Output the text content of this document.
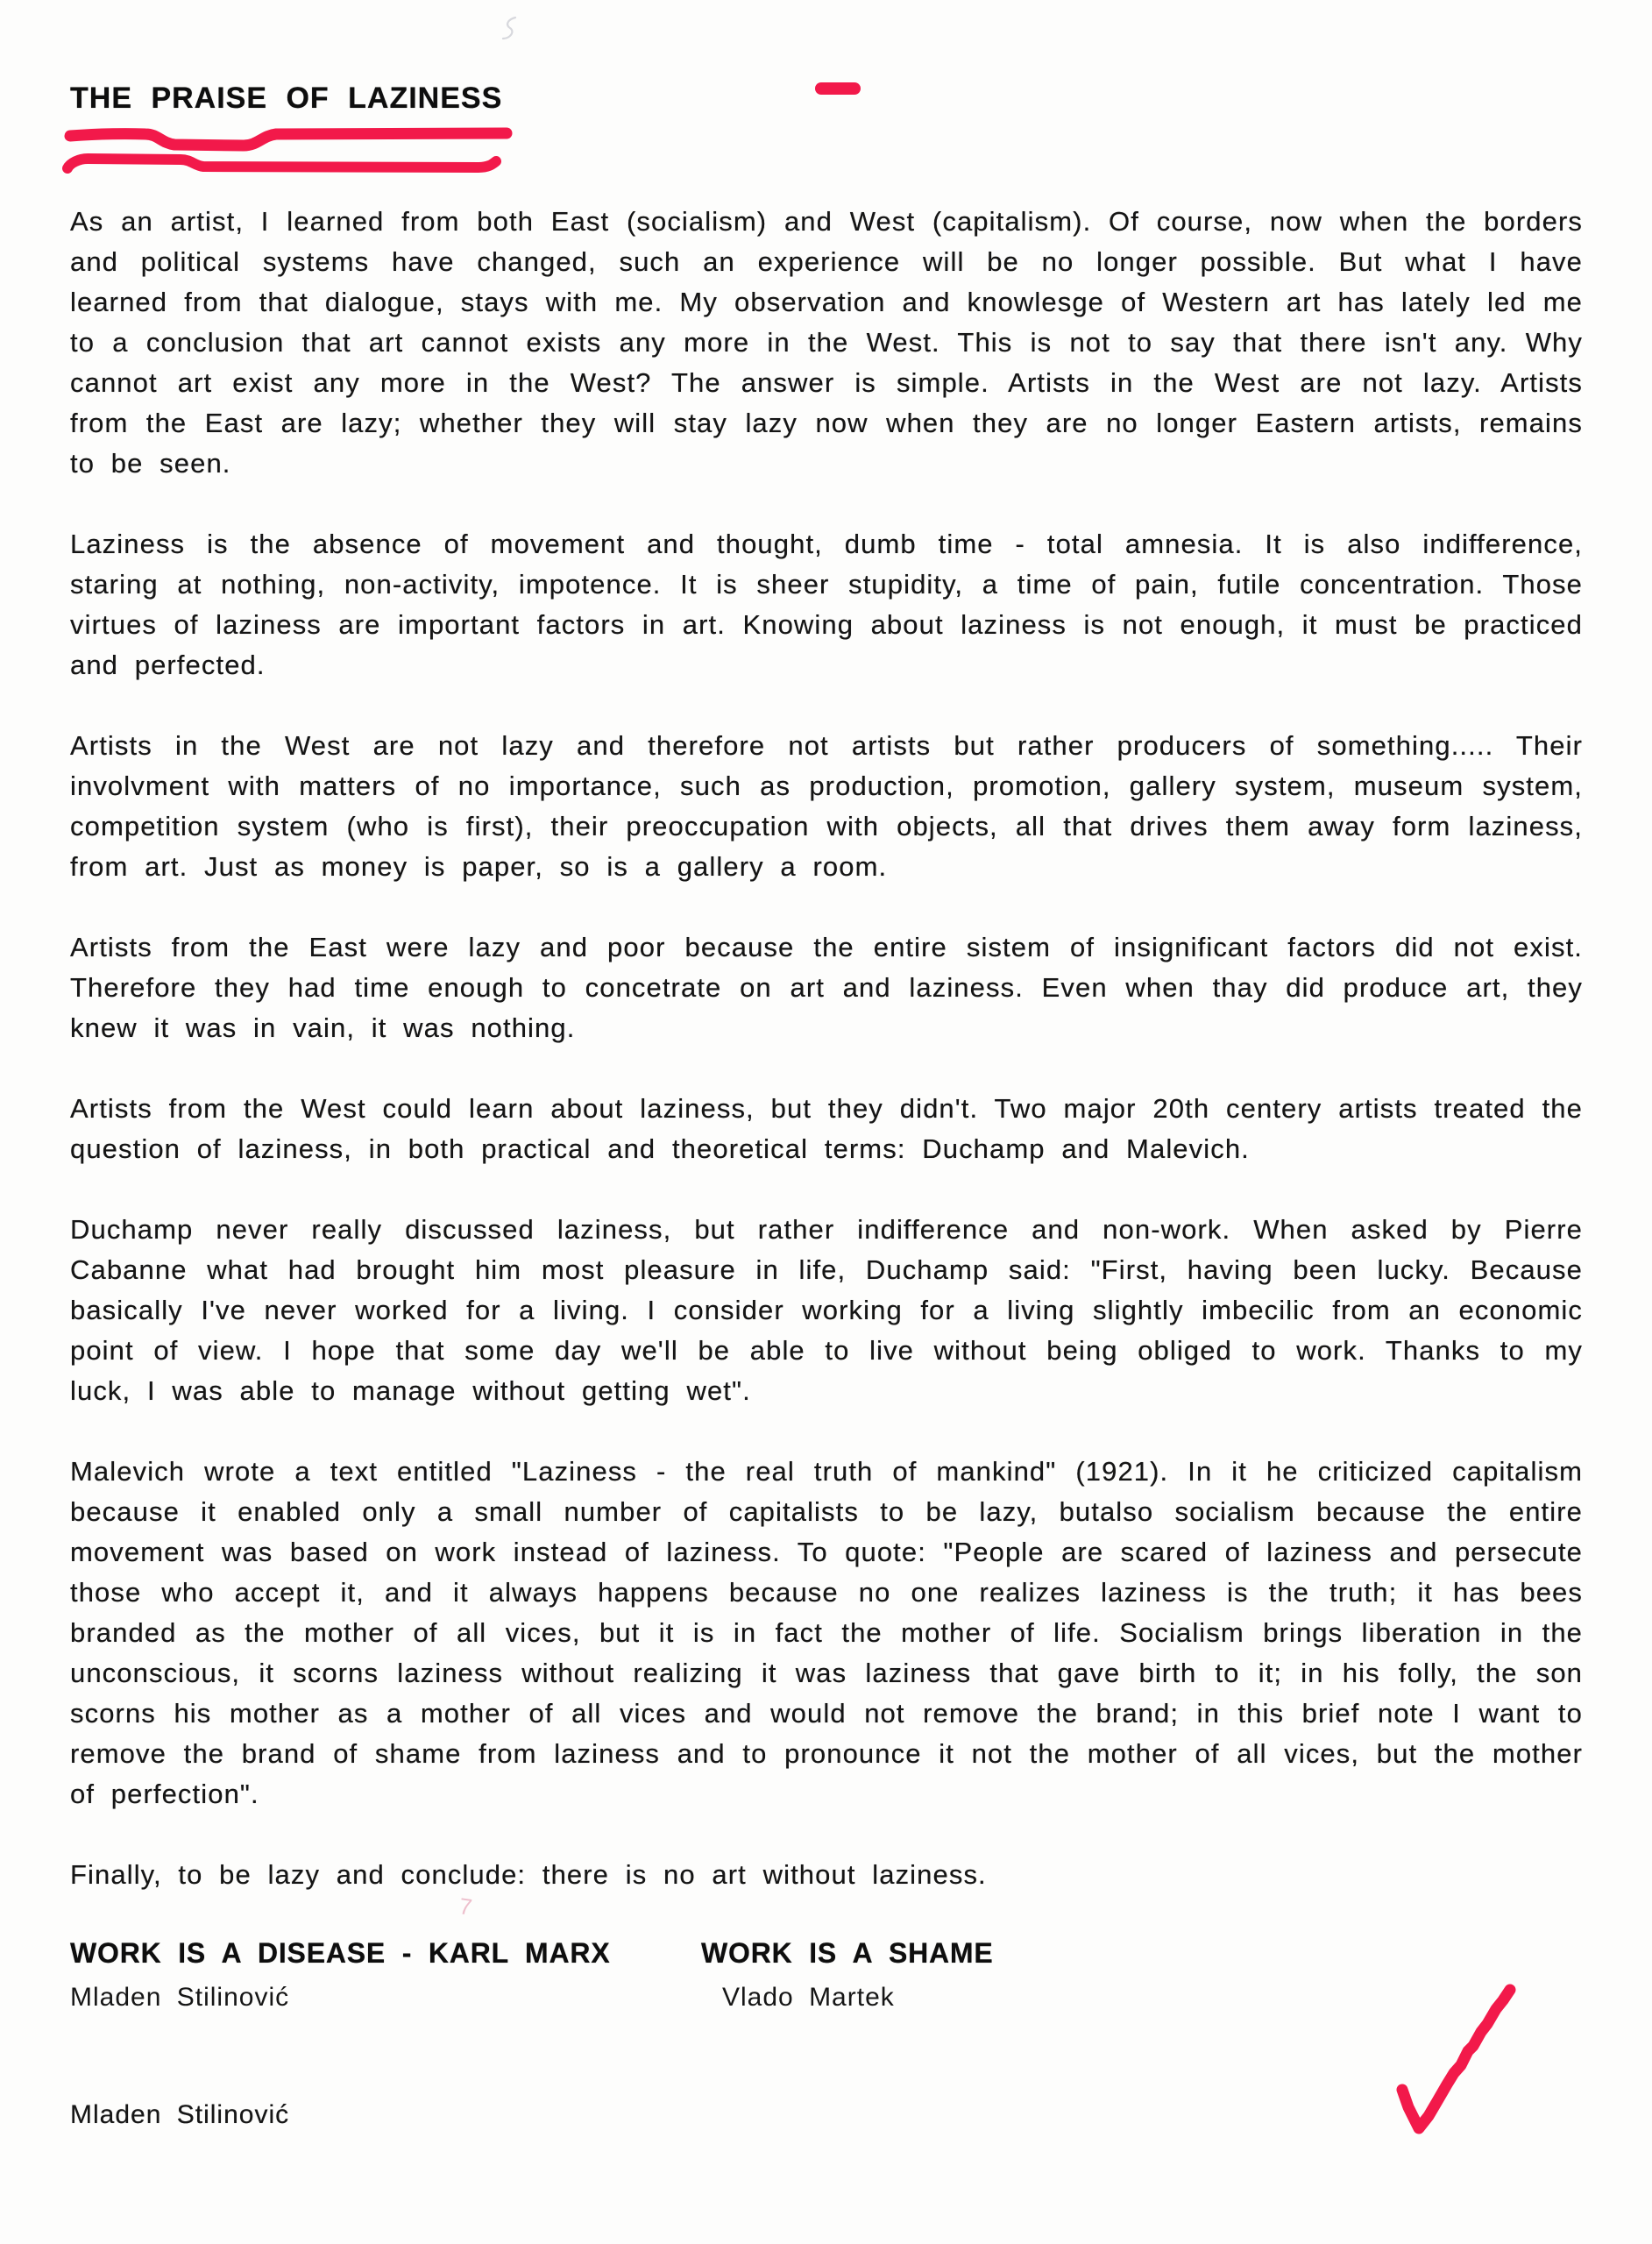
THE PRAISE OF LAZINESS

As an artist, I learned from both East (socialism) and West (capitalism). Of course, now when the borders and political systems have changed, such an experience will be no longer possible. But what I have learned from that dialogue, stays with me. My observation and knowlesge of Western art has lately led me to a conclusion that art cannot exists any more in the West. This is not to say that there isn't any. Why cannot art exist any more in the West? The answer is simple. Artists in the West are not lazy. Artists from the East are lazy; whether they will stay lazy now when they are no longer Eastern artists, remains to be seen.

Laziness is the absence of movement and thought, dumb time - total amnesia. It is also indifference, staring at nothing, non-activity, impotence. It is sheer stupidity, a time of pain, futile concentration. Those virtues of laziness are important factors in art. Knowing about laziness is not enough, it must be practiced and perfected.

Artists in the West are not lazy and therefore not artists but rather producers of something..... Their involvment with matters of no importance, such as production, promotion, gallery system, museum system, competition system (who is first), their preoccupation with objects, all that drives them away form laziness, from art. Just as money is paper, so is a gallery a room.

Artists from the East were lazy and poor because the entire sistem of insignificant factors did not exist. Therefore they had time enough to concetrate on art and laziness. Even when thay did produce art, they knew it was in vain, it was nothing.

Artists from the West could learn about laziness, but they didn't. Two major 20th centery artists treated the question of laziness, in both practical and theoretical terms: Duchamp and Malevich.

Duchamp never really discussed laziness, but rather indifference and non-work. When asked by Pierre Cabanne what had brought him most pleasure in life, Duchamp said: "First, having been lucky. Because basically I've never worked for a living. I consider working for a living slightly imbecilic from an economic point of view. I hope that some day we'll be able to live without being obliged to work. Thanks to my luck, I was able to manage without getting wet".

Malevich wrote a text entitled "Laziness - the real truth of mankind" (1921). In it he criticized capitalism because it enabled only a small number of capitalists to be lazy, butalso socialism because the entire movement was based on work instead of laziness. To quote: "People are scared of laziness and persecute those who accept it, and it always happens because no one realizes laziness is the truth; it has bees branded as the mother of all vices, but it is in fact the mother of life. Socialism brings liberation in the unconscious, it scorns laziness without realizing it was laziness that gave birth to it; in his folly, the son scorns his mother as a mother of all vices and would not remove the brand; in this brief note I want to remove the brand of shame from laziness and to pronounce it not the mother of all vices, but the mother of perfection".

Finally, to be lazy and conclude: there is no art without laziness.

7
WORK IS A DISEASE - KARL MARX
Mladen Stilinović
WORK IS A SHAME
Vlado Martek
Mladen Stilinović
